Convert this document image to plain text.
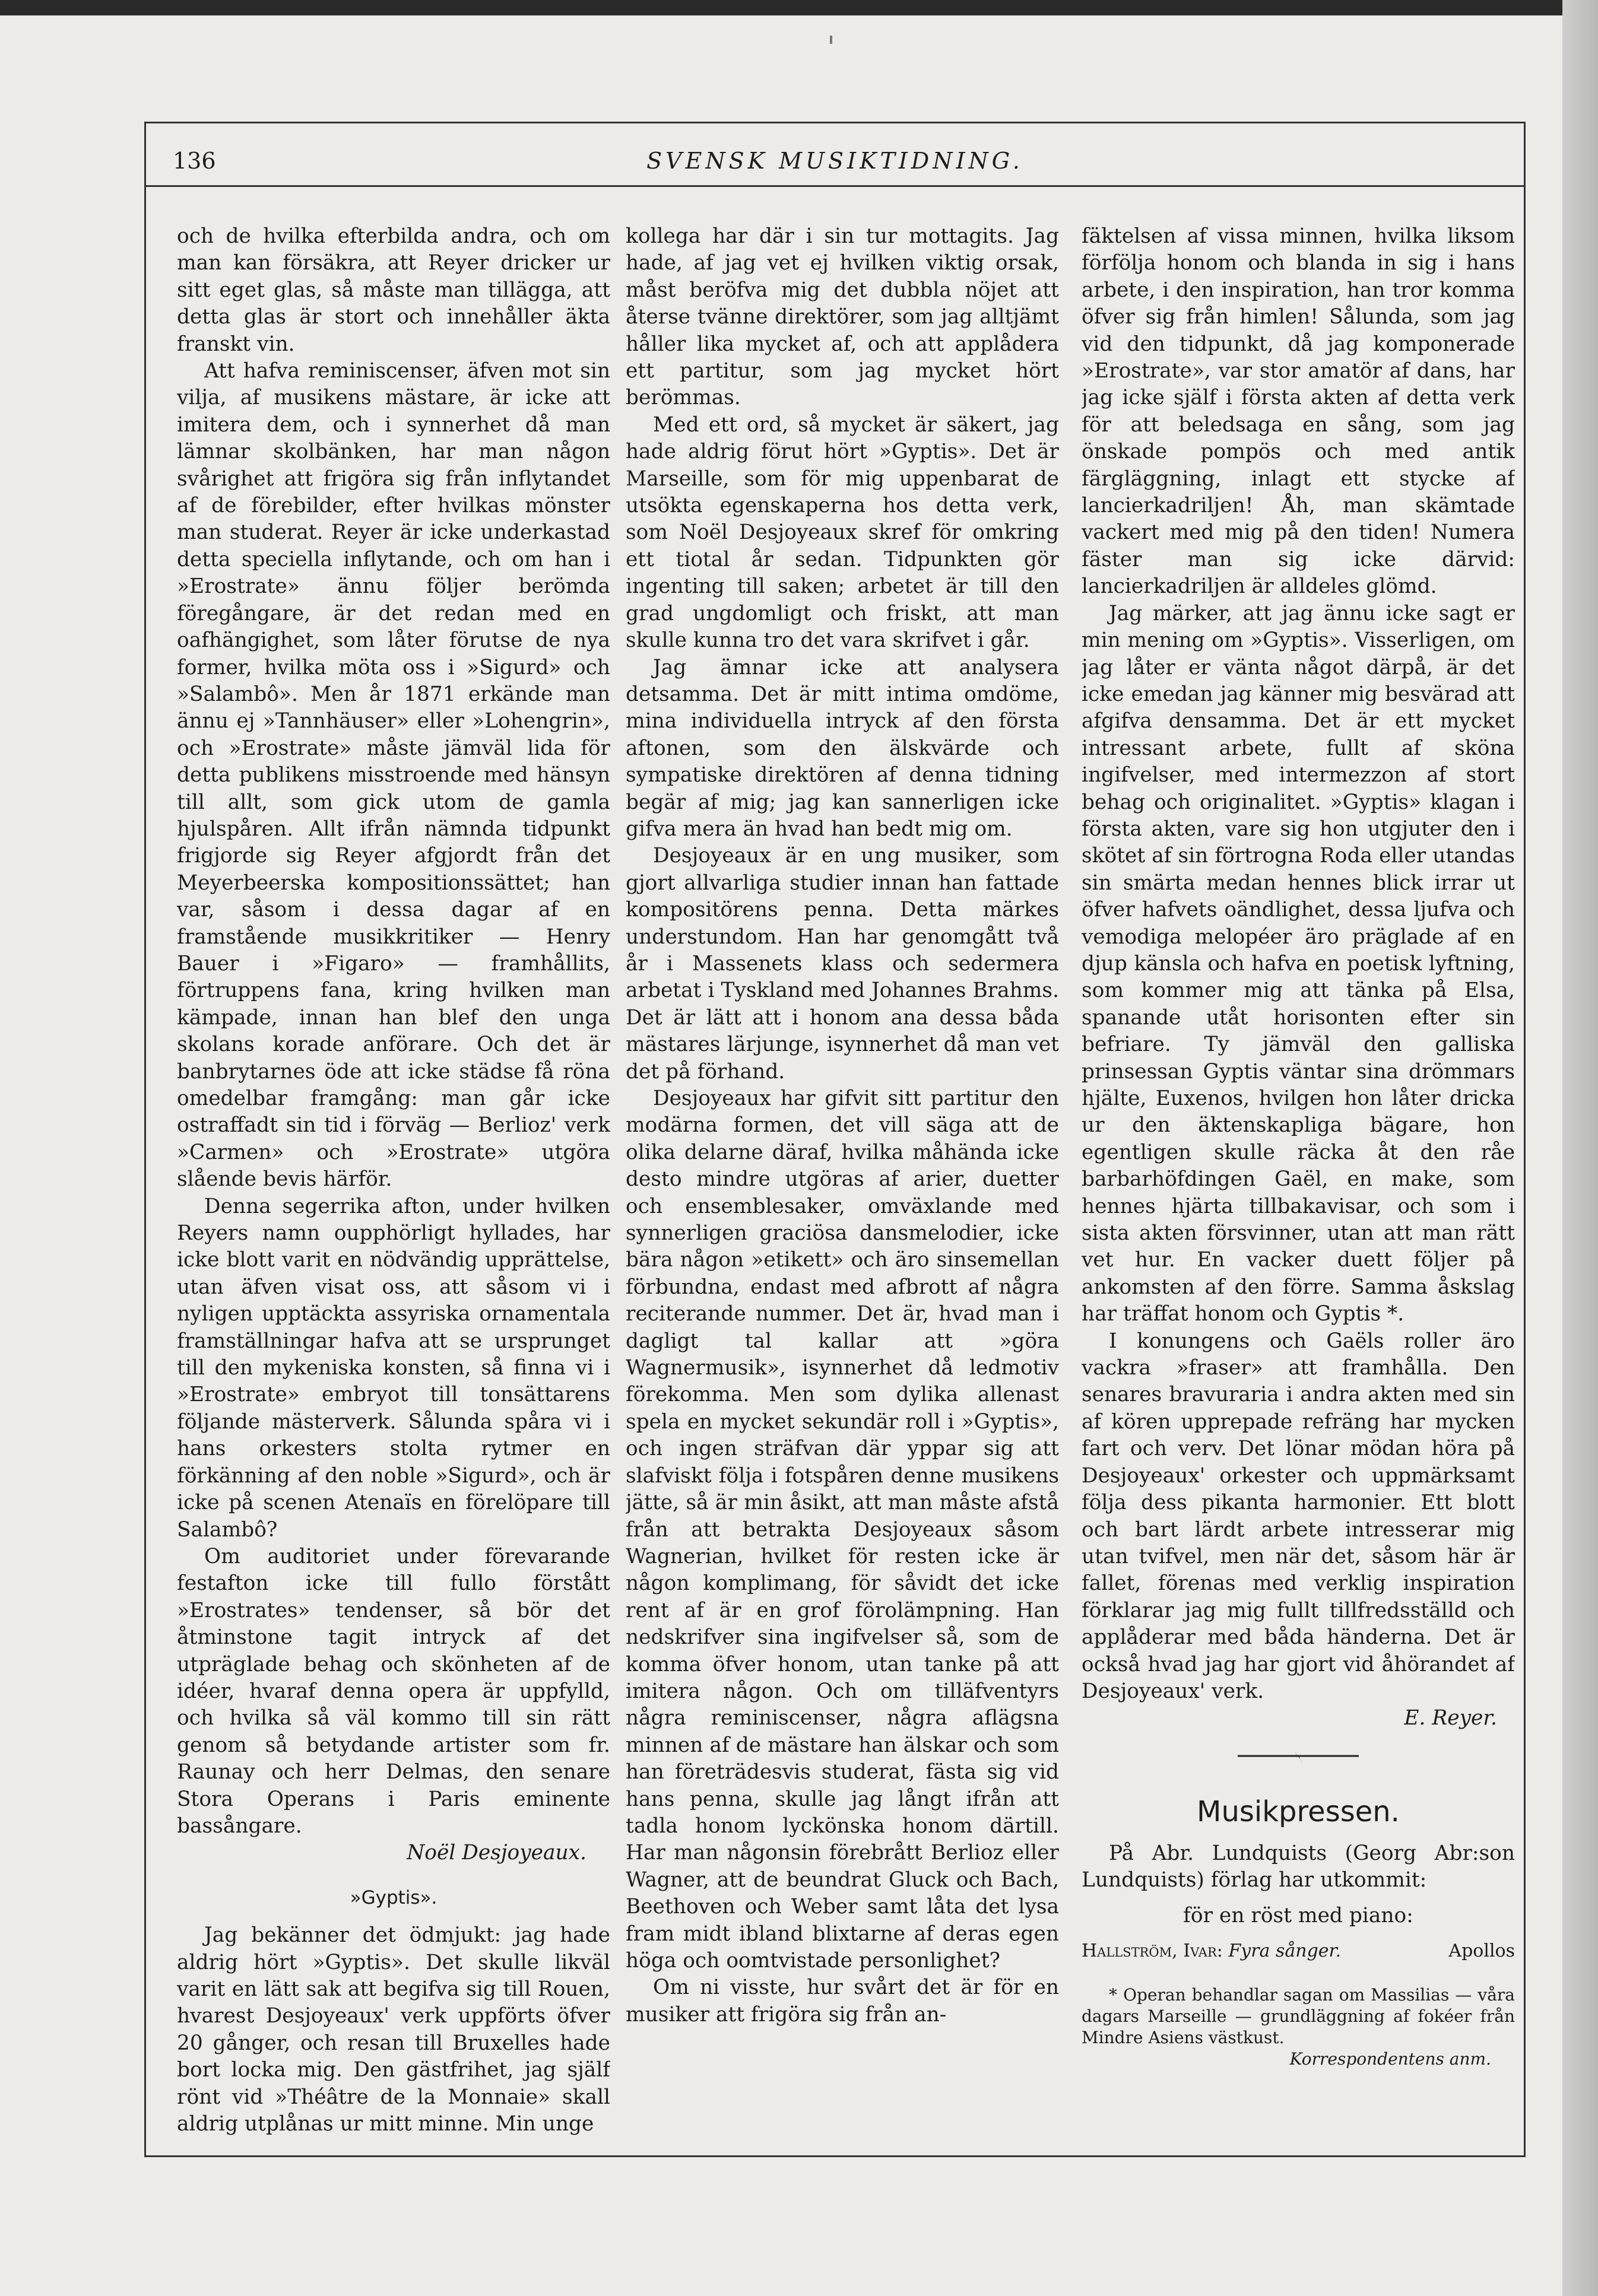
136	SVENSK MUSIKTIDNING.

och de hvilka efterbilda andra, och om man kan försäkra, att Reyer dricker ur sitt eget glas, så måste man tillägga, att detta glas är stort och innehåller äkta franskt vin.

Att hafva reminiscenser, äfven mot sin vilja, af musikens mästare, är icke att imitera dem, och i synnerhet då man lämnar skolbänken, har man någon svårighet att frigöra sig från inflytandet af de förebilder, efter hvilkas mönster man studerat. Reyer är icke underkastad detta speciella inflytande, och om han i »Erostrate» ännu följer berömda föregångare, är det redan med en oafhängighet, som låter förutse de nya former, hvilka möta oss i »Sigurd» och »Salambô». Men år 1871 erkände man ännu ej »Tannhäuser» eller »Lohengrin», och »Erostrate» måste jämväl lida för detta publikens misstroende med hänsyn till allt, som gick utom de gamla hjulspåren. Allt ifrån nämnda tidpunkt frigjorde sig Reyer afgjordt från det Meyerbeerska kompositionssättet; han var, såsom i dessa dagar af en framstående musikkritiker — Henry Bauer i »Figaro» — framhållits, förtruppens fana, kring hvilken man kämpade, innan han blef den unga skolans korade anförare. Och det är banbrytarnes öde att icke städse få röna omedelbar framgång: man går icke ostraffadt sin tid i förväg — Berlioz' verk »Carmen» och »Erostrate» utgöra slående bevis härför.

Denna segerrika afton, under hvilken Reyers namn oupphörligt hyllades, har icke blott varit en nödvändig upprättelse, utan äfven visat oss, att såsom vi i nyligen upptäckta assyriska ornamentala framställningar hafva att se ursprunget till den mykeniska konsten, så finna vi i »Erostrate» embryot till tonsättarens följande mästerverk. Sålunda spåra vi i hans orkesters stolta rytmer en förkänning af den noble »Sigurd», och är icke på scenen Atenaïs en förelöpare till Salambô?

Om auditoriet under förevarande festafton icke till fullo förstått »Erostrates» tendenser, så bör det åtminstone tagit intryck af det utpräglade behag och skönheten af de idéer, hvaraf denna opera är uppfylld, och hvilka så väl kommo till sin rätt genom så betydande artister som fr. Raunay och herr Delmas, den senare Stora Operans i Paris eminente bassångare.

Noël Desjoyeaux.

»Gyptis».

Jag bekänner det ödmjukt: jag hade aldrig hört »Gyptis». Det skulle likväl varit en lätt sak att begifva sig till Rouen, hvarest Desjoyeaux' verk uppförts öfver 20 gånger, och resan till Bruxelles hade bort locka mig. Den gästfrihet, jag själf rönt vid »Théâtre de la Monnaie» skall aldrig utplånas ur mitt minne. Min unge

kollega har där i sin tur mottagits. Jag hade, af jag vet ej hvilken viktig orsak, måst beröfva mig det dubbla nöjet att återse tvänne direktörer, som jag alltjämt håller lika mycket af, och att applådera ett partitur, som jag mycket hört berömmas.

Med ett ord, så mycket är säkert, jag hade aldrig förut hört »Gyptis». Det är Marseille, som för mig uppenbarat de utsökta egenskaperna hos detta verk, som Noël Desjoyeaux skref för omkring ett tiotal år sedan. Tidpunkten gör ingenting till saken; arbetet är till den grad ungdomligt och friskt, att man skulle kunna tro det vara skrifvet i går.

Jag ämnar icke att analysera detsamma. Det är mitt intima omdöme, mina individuella intryck af den första aftonen, som den älskvärde och sympatiske direktören af denna tidning begär af mig; jag kan sannerligen icke gifva mera än hvad han bedt mig om.

Desjoyeaux är en ung musiker, som gjort allvarliga studier innan han fattade kompositörens penna. Detta märkes understundom. Han har genomgått två år i Massenets klass och sedermera arbetat i Tyskland med Johannes Brahms. Det är lätt att i honom ana dessa båda mästares lärjunge, isynnerhet då man vet det på förhand.

Desjoyeaux har gifvit sitt partitur den modärna formen, det vill säga att de olika delarne däraf, hvilka måhända icke desto mindre utgöras af arier, duetter och ensemblesaker, omväxlande med synnerligen graciösa dansmelodier, icke bära någon »etikett» och äro sinsemellan förbundna, endast med afbrott af några reciterande nummer. Det är, hvad man i dagligt tal kallar att »göra Wagnermusik», isynnerhet då ledmotiv förekomma. Men som dylika allenast spela en mycket sekundär roll i »Gyptis», och ingen sträfvan där yppar sig att slafviskt följa i fotspåren denne musikens jätte, så är min åsikt, att man måste afstå från att betrakta Desjoyeaux såsom Wagnerian, hvilket för resten icke är någon komplimang, för såvidt det icke rent af är en grof förolämpning. Han nedskrifver sina ingifvelser så, som de komma öfver honom, utan tanke på att imitera någon. Och om tilläfventyrs några reminiscenser, några aflägsna minnen af de mästare han älskar och som han företrädesvis studerat, fästa sig vid hans penna, skulle jag långt ifrån att tadla honom lyckönska honom därtill. Har man någonsin förebrått Berlioz eller Wagner, att de beundrat Gluck och Bach, Beethoven och Weber samt låta det lysa fram midt ibland blixtarne af deras egen höga och oomtvistade personlighet?

Om ni visste, hur svårt det är för en musiker att frigöra sig från an-

fäktelsen af vissa minnen, hvilka liksom förföljа honom och blanda in sig i hans arbete, i den inspiration, han tror komma öfver sig från himlen! Sålunda, som jag vid den tidpunkt, då jag komponerade »Erostrate», var stor amatör af dans, har jag icke själf i första akten af detta verk för att beledsaga en sång, som jag önskade pompös och med antik färgläggning, inlagt ett stycke af lancierkadriljen! Åh, man skämtade vackert med mig på den tiden! Numera fäster man sig icke därvid: lancierkadriljen är alldeles glömd.

Jag märker, att jag ännu icke sagt er min mening om »Gyptis». Visserligen, om jag låter er vänta något därpå, är det icke emedan jag känner mig besvärad att afgifva densamma. Det är ett mycket intressant arbete, fullt af sköna ingifvelser, med intermezzon af stort behag och originalitet. »Gyptis» klagan i första akten, vare sig hon utgjuter den i skötet af sin förtrogna Roda eller utandas sin smärta medan hennes blick irrar ut öfver hafvets oändlighet, dessa ljufva och vemodiga melopéer äro präglade af en djup känsla och hafva en poetisk lyftning, som kommer mig att tänka på Elsa, spanande utåt horisonten efter sin befriare. Ty jämväl den galliska prinsessan Gyptis väntar sina drömmars hjälte, Euxenos, hvilgen hon låter dricka ur den äktenskapliga bägare, hon egentligen skulle räcka åt den råe barbarhöfdingen Gaël, en make, som hennes hjärta tillbakavisar, och som i sista akten försvinner, utan att man rätt vet hur. En vacker duett följer på ankomsten af den förre. Samma åskslag har träffat honom och Gyptis *.

I konungens och Gaëls roller äro vackra »fraser» att framhålla. Den senares bravuraria i andra akten med sin af kören upprepade refräng har mycken fart och verv. Det lönar mödan höra på Desjoyeaux' orkester och uppmärksamt följa dess pikanta harmonier. Ett blott och bart lärdt arbete intresserar mig utan tvifvel, men när det, såsom här är fallet, förenas med verklig inspiration förklarar jag mig fullt tillfredsställd och applåderar med båda händerna. Det är också hvad jag har gjort vid åhörandet af Desjoyeaux' verk.

E. Reyer.

Musikpressen.

På Abr. Lundquists (Georg Abr:son Lundquists) förlag har utkommit:

för en röst med piano:

Hallström, Ivar: Fyra sånger.	Apollos

* Operan behandlar sagan om Massilias — våra dagars Marseille — grundläggning af fokéer från Mindre Asiens västkust.

Korrespondentens anm.
